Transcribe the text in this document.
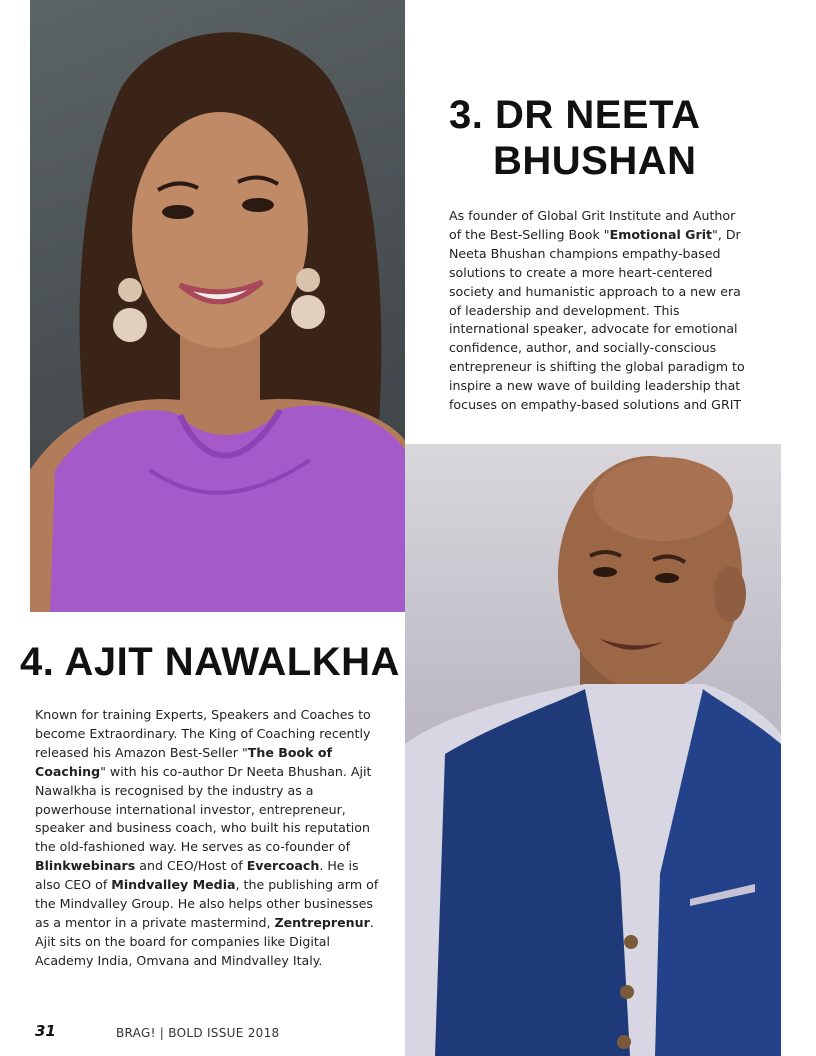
3. DR NEETA
BHUSHAN
As founder of Global Grit Institute and Author
of the Best-Selling Book "Emotional Grit", Dr
Neeta Bhushan champions empathy-based
solutions to create a more heart-centered
society and humanistic approach to a new era
of leadership and development. This
international speaker, advocate for emotional
confidence, author, and socially-conscious
entrepreneur is shifting the global paradigm to
inspire a new wave of building leadership that
focuses on empathy-based solutions and GRIT
4. AJIT NAWALKHA
Known for training Experts, Speakers and Coaches to
become Extraordinary. The King of Coaching recently
released his Amazon Best-Seller "The Book of
Coaching" with his co-author Dr Neeta Bhushan. Ajit
Nawalkha is recognised by the industry as a
powerhouse international investor, entrepreneur,
speaker and business coach, who built his reputation
the old-fashioned way. He serves as co-founder of
Blinkwebinars and CEO/Host of Evercoach. He is
also CEO of Mindvalley Media, the publishing arm of
the Mindvalley Group. He also helps other businesses
as a mentor in a private mastermind, Zentreprenur.
Ajit sits on the board for companies like Digital
Academy India, Omvana and Mindvalley Italy.
31	BRAG! | BOLD ISSUE 2018
